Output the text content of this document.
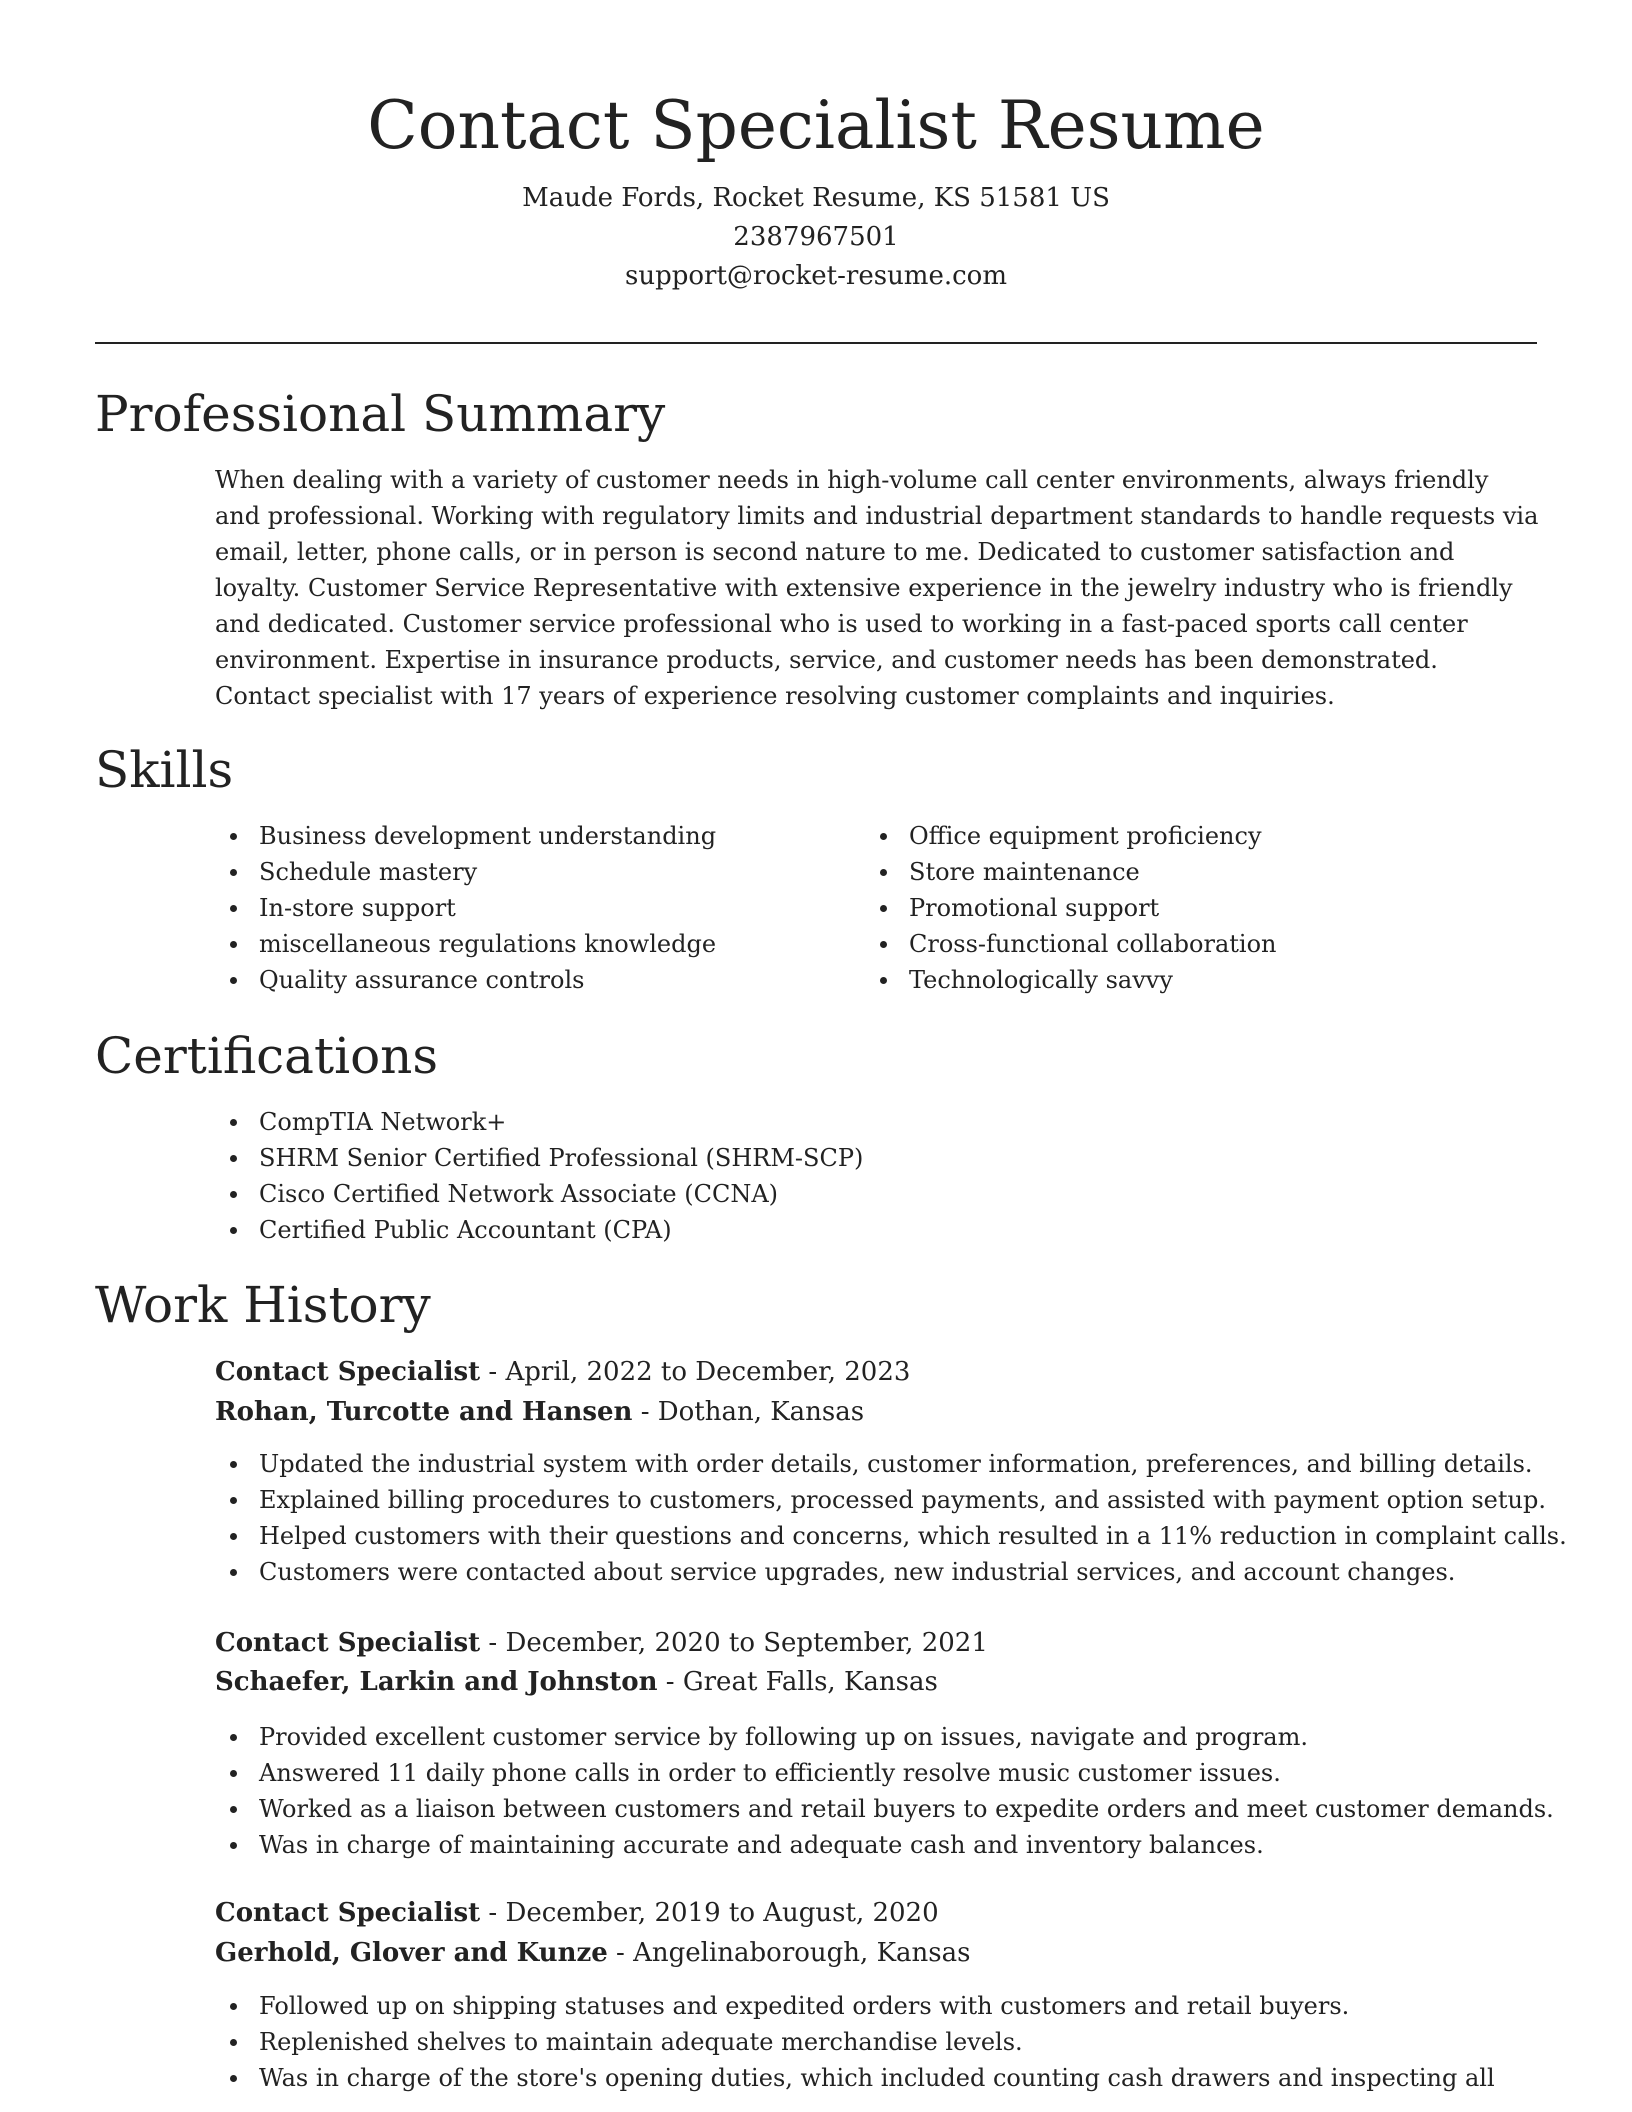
Contact Specialist Resume
Maude Fords, Rocket Resume, KS 51581 US
2387967501
support@rocket-resume.com
Professional Summary

When dealing with a variety of customer needs in high-volume call center environments, always friendly and professional. Working with regulatory limits and industrial department standards to handle requests via email, letter, phone calls, or in person is second nature to me. Dedicated to customer satisfaction and loyalty. Customer Service Representative with extensive experience in the jewelry industry who is friendly and dedicated. Customer service professional who is used to working in a fast-paced sports call center environment. Expertise in insurance products, service, and customer needs has been demonstrated. Contact specialist with 17 years of experience resolving customer complaints and inquiries.

Skills
Business development understanding
Schedule mastery
In-store support
miscellaneous regulations knowledge
Quality assurance controls
Office equipment proficiency
Store maintenance
Promotional support
Cross-functional collaboration
Technologically savvy
Certifications
CompTIA Network+
SHRM Senior Certified Professional (SHRM-SCP)
Cisco Certified Network Associate (CCNA)
Certified Public Accountant (CPA)
Work History
Contact Specialist - April, 2022 to December, 2023
Rohan, Turcotte and Hansen - Dothan, Kansas
Updated the industrial system with order details, customer information, preferences, and billing details.
Explained billing procedures to customers, processed payments, and assisted with payment option setup.
Helped customers with their questions and concerns, which resulted in a 11% reduction in complaint calls.
Customers were contacted about service upgrades, new industrial services, and account changes.
Contact Specialist - December, 2020 to September, 2021
Schaefer, Larkin and Johnston - Great Falls, Kansas
Provided excellent customer service by following up on issues, navigate and program.
Answered 11 daily phone calls in order to efficiently resolve music customer issues.
Worked as a liaison between customers and retail buyers to expedite orders and meet customer demands.
Was in charge of maintaining accurate and adequate cash and inventory balances.
Contact Specialist - December, 2019 to August, 2020
Gerhold, Glover and Kunze - Angelinaborough, Kansas
Followed up on shipping statuses and expedited orders with customers and retail buyers.
Replenished shelves to maintain adequate merchandise levels.
Was in charge of the store's opening duties, which included counting cash drawers and inspecting all
